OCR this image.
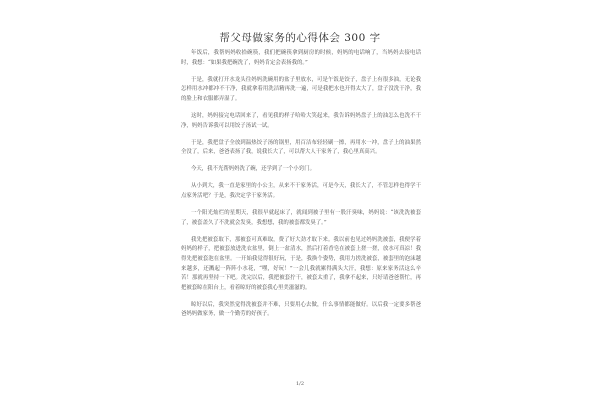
帮父母做家务的心得体会 300 字

年饭后，我帮妈妈收拾碗筷，我们把碗筷拿到厨房的时候，妈妈的电话响了，当妈妈去接电话时，我想：“如果我把碗洗了，妈妈肯定会表扬我的。”

于是，我就打开水龙头往妈妈洗碗用的盆子里放水，可是午饭是饺子，盘子上有很多油，无论我怎样用水冲都冲不干净，我就拿着用洗洁精再洗一遍，可是我把水也开得太大了，盘子没洗干净，我的脸上和衣服都弄湿了。

这时，妈妈接完电话回来了，看见我的样子哈哈大笑起来，我告诉妈妈盘子上的油怎么也洗不干净，妈妈告诉我可以用饺子汤试一试。

于是，我把盘子全放到温热饺子汤的锅里，用百洁布轻轻刷一擦，再用水一冲，盘子上的油果然全没了，后来，爸爸表扬了我，说我长大了，可以帮大人干家务了，我心里真高兴。

今天，我不光帮妈妈洗了碗，还学到了一个小窍门。

从小到大，我一直是家里的小公主，从来不干家务活，可是今天，我长大了，不管怎样也得学干点家务活吧？于是，我决定学干家务活。

一个阳光灿烂的星期天，我很早就起床了，就闻到被子里有一股汗臭味，妈妈说：“该洗洗被套了，被套盖久了不洗就会发臭，我想想，我的被套都发臭了。”

我先把被套取下，那被套可真难取，费了好大劲才取下来。我以前也见过妈妈洗被套，我便学着妈妈的样子，把被套放进洗衣盆里，倒上一盆清水，然后打着香皂在被套上搓一搓，放水可真凉！我得先把被套泡在盆里。一开始我觉得很好玩，于是，我换个姿势，我用力搓洗被套，被套里的泡沫越来越多，还溅起一阵阵小水花，“嘿，好玩！”一会儿我就累得满头大汗，我想：原来家务活这么辛苦！那就再坚持一下吧。洗完以后，我把被套拧干，被套太重了，我拿不起来，只好请爸爸帮忙，再把被套晾在阳台上，看着晾好的被套我心里美滋滋的。

晾好以后，我突然觉得洗被套并不难，只要用心去做，什么事情都能做好。以后我一定要多帮爸爸妈妈做家务，做一个勤劳的好孩子。

1/2
